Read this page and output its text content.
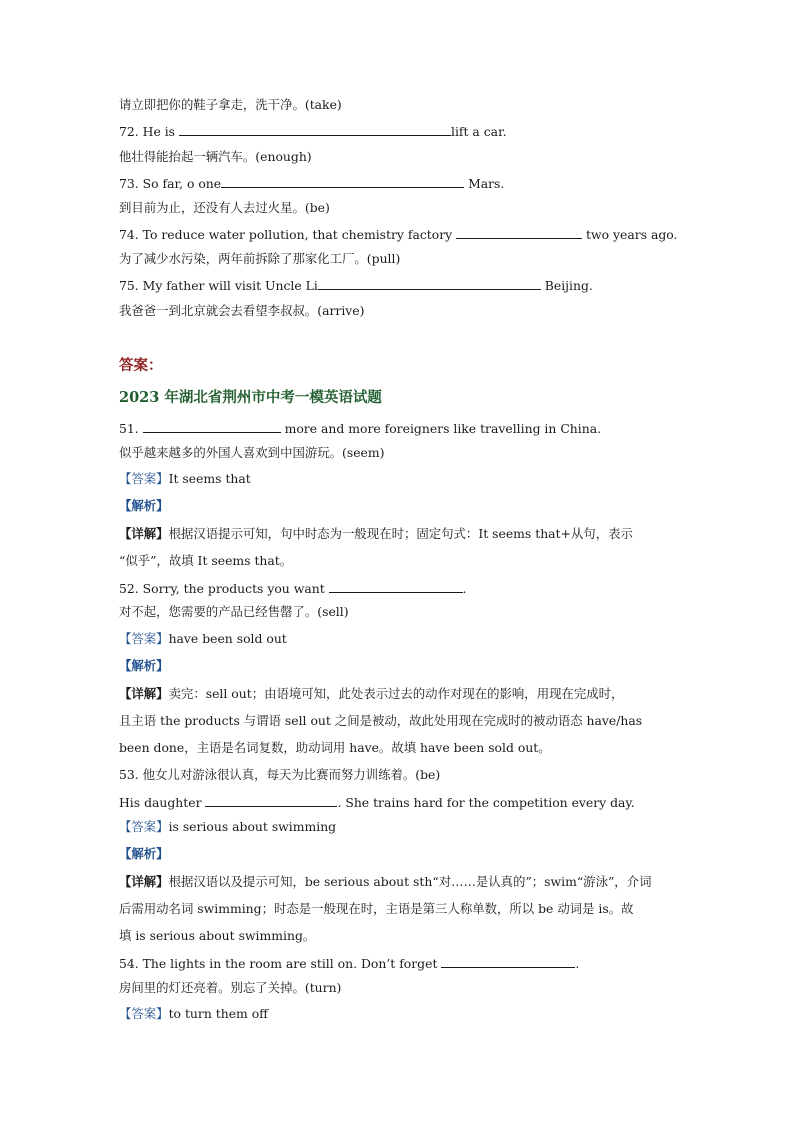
请立即把你的鞋子拿走，洗干净。(take)
72. He is	lift a car.
他壮得能抬起一辆汽车。(enough)
73. So far, o one	Mars.
到目前为止，还没有人去过火星。(be)
74. To reduce water pollution, that chemistry factory	two years ago.
为了减少水污染，两年前拆除了那家化工厂。(pull)
75. My father will visit Uncle Li	Beijing.
我爸爸一到北京就会去看望李叔叔。(arrive)
答案：
2023 年湖北省荆州市中考一模英语试题
51.	more and more foreigners like travelling in China.
似乎越来越多的外国人喜欢到中国游玩。(seem)
【答案】It seems that
【解析】
【详解】根据汉语提示可知，句中时态为一般现在时；固定句式：It seems that+从句，表示
“似乎”，故填 It seems that。
52. Sorry, the products you want	.
对不起，您需要的产品已经售罄了。(sell)
【答案】have been sold out
【解析】
【详解】卖完：sell out；由语境可知，此处表示过去的动作对现在的影响，用现在完成时，
且主语 the products 与谓语 sell out 之间是被动，故此处用现在完成时的被动语态 have/has
been done，主语是名词复数，助动词用 have。故填 have been sold out。
53. 他女儿对游泳很认真，每天为比赛而努力训练着。(be)
His daughter	. She trains hard for the competition every day.
【答案】is serious about swimming
【解析】
【详解】根据汉语以及提示可知，be serious about sth“对……是认真的”；swim“游泳”，介词
后需用动名词 swimming；时态是一般现在时，主语是第三人称单数，所以 be 动词是 is。故
填 is serious about swimming。
54. The lights in the room are still on. Don’t forget	.
房间里的灯还亮着。别忘了关掉。(turn)
【答案】to turn them off
